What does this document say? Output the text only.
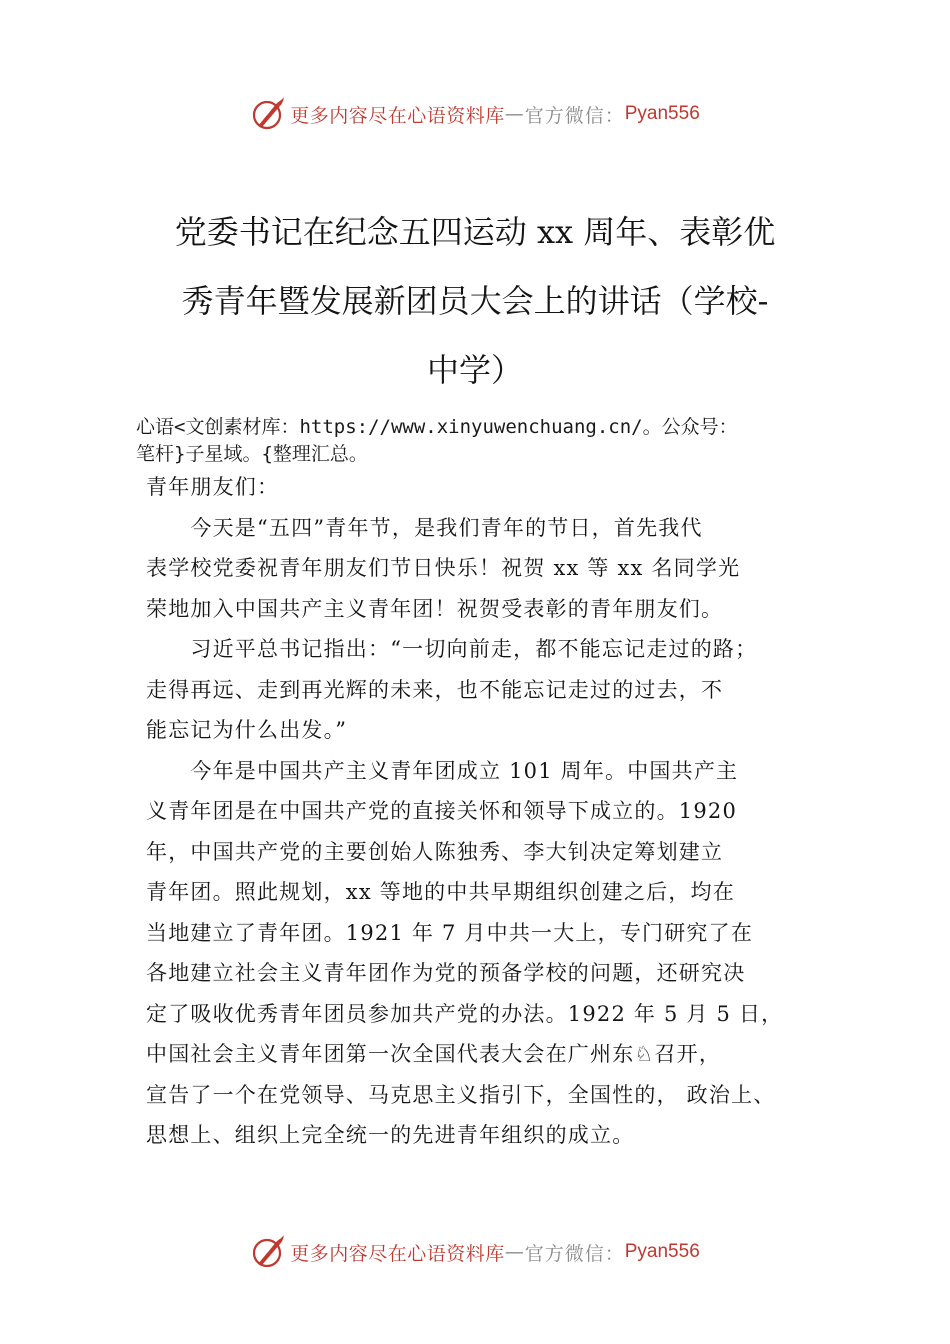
更多内容尽在心语资料库 — 官方微信： Pyan556
党委书记在纪念五四运动 xx 周年、表彰优
秀青年暨发展新团员大会上的讲话（学校-
中学）
心语<文创素材库：https://www.xinyuwenchuang.cn/。公众号：
笔杆}子星域。{整理汇总。

青年朋友们：

　　今天是“五四”青年节，是我们青年的节日，首先我代
表学校党委祝青年朋友们节日快乐！祝贺 xx 等 xx 名同学光
荣地加入中国共产主义青年团！祝贺受表彰的青年朋友们。

　　习近平总书记指出：“一切向前走，都不能忘记走过的路；
走得再远、走到再光辉的未来，也不能忘记走过的过去，不
能忘记为什么出发。”

　　今年是中国共产主义青年团成立 101 周年。中国共产主
义青年团是在中国共产党的直接关怀和领导下成立的。1920
年，中国共产党的主要创始人陈独秀、李大钊决定筹划建立
青年团。照此规划，xx 等地的中共早期组织创建之后，均在
当地建立了青年团。1921 年 7 月中共一大上，专门研究了在
各地建立社会主义青年团作为党的预备学校的问题，还研究决
定了吸收优秀青年团员参加共产党的办法。1922 年 5 月 5 日，
中国社会主义青年团第一次全国代表大会在广州东♘召开，
宣告了一个在党领导、马克思主义指引下，全国性的， 政治上、
思想上、组织上完全统一的先进青年组织的成立。

更多内容尽在心语资料库 — 官方微信： Pyan556
